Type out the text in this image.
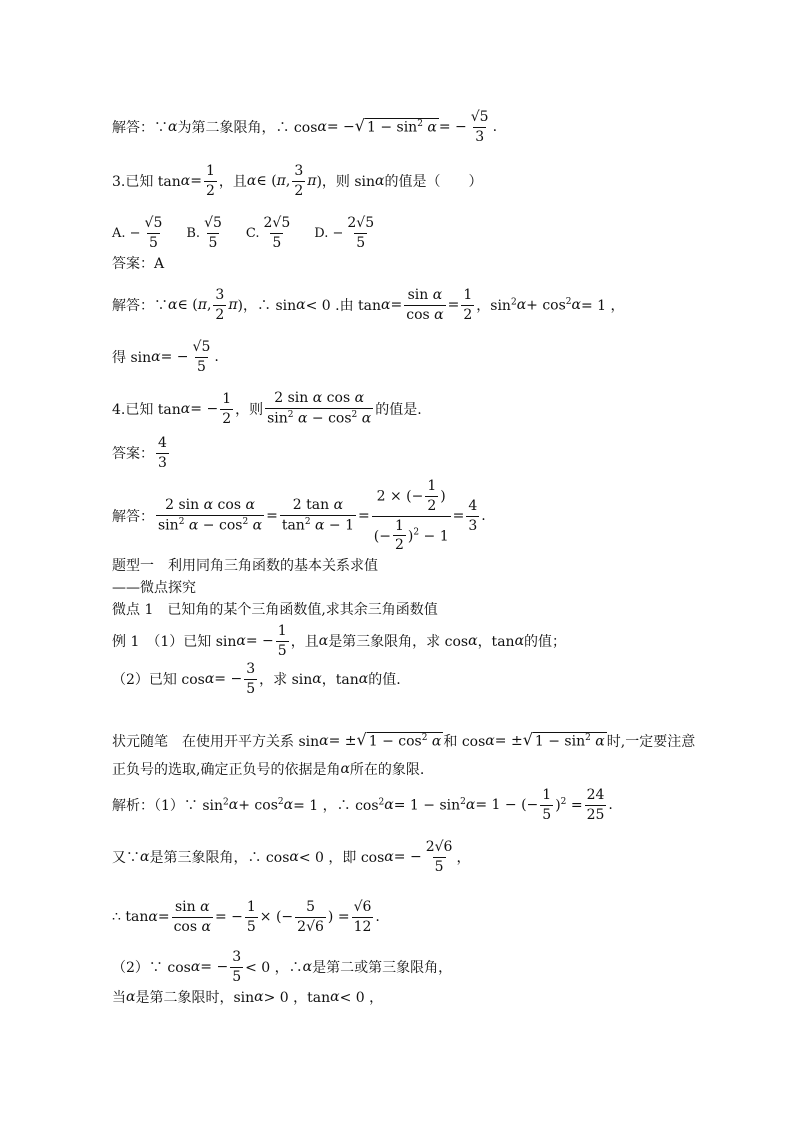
解答：∵ α 为第二象限角，∴ cos α = − √ $1 - \sin^2 \alpha$ = − $\frac{√5}{3}$ .
3.已知 $\tan \alpha = \frac{1}{2}$ ，且 α ∈ ( π , $\frac{3}{2}$ π )，则 sin α 的值是（　　）
A. − $\frac{√5}{5} B$. $\frac{√5}{5} C$. $\frac{2√5}{5} D$. − $\frac{2√5}{5}$
答案：A
解答：∵ α ∈ ( π , $\frac{3}{2}$ π )，∴ sin α < 0 .由 $\tan \alpha = \frac{\text{sin α}}{\text{cos α}} = \frac{1}{2}$ ，$\sin^2 \alpha + \cos^2 \alpha = 1$ ，
得 sin α = − $\frac{√5}{5}$ .
4.已知 tan α = − $\frac{1}{2}$ ，则 $\frac{\text{2 sin α cos α}}{\sin^2 \alpha - \cos^2 \alpha}$ 的值是.
答案： $\frac{4}{3}$
解答： $\frac{\text{2 sin α cos α}}{\sin^2 \alpha - \cos^2 \alpha} = \frac{\text{2 tan α}}{\tan^2 \alpha - 1} = \frac{2 \times (- \frac{1}{2} )}{(- \frac{1}{2} )^2 - 1} = \frac{4}{3}$ .
题型一　利用同角三角函数的基本关系求值
——微点探究
微点 1　已知角的某个三角函数值,求其余三角函数值
例 1　（1）已知 sin α = − $\frac{1}{5}$ ，且 α 是第三象限角，求 cos α ，tan α 的值；
（2）已知 cos α = − $\frac{3}{5}$ ，求 sin α ，tan α 的值.
状元随笔　在使用开平方关系 sin α = ± √ $1 - \cos^2 \alpha$ 和 cos α = ± √ $1 - \sin^2 \alpha$ 时,一定要注意
正负号的选取,确定正负号的依据是角 α 所在的象限.
解析：（1）∵ $\sin^2 \alpha + \cos^2 \alpha = 1$ ，∴ $\cos^2 \alpha = 1 - \sin^2 \alpha = 1$ − (− $\frac{1}{5} )^2 = \frac{24}{25}$ .
又∵ α 是第三象限角，∴ cos α < 0 ，即 cos α = − $\frac{2√6}{5}$ ，
∴ $\tan \alpha = \frac{\text{sin α}}{\text{cos α}}$ = − $\frac{1}{5}$ × (− $\frac{5}{2√6}$ ) = $\frac{√6}{12}$ .
（2）∵ cos α = − $\frac{3}{5} < 0$ ，∴ α 是第二或第三象限角，
当 α 是第二象限时，sin α > 0 ，tan α < 0 ，
